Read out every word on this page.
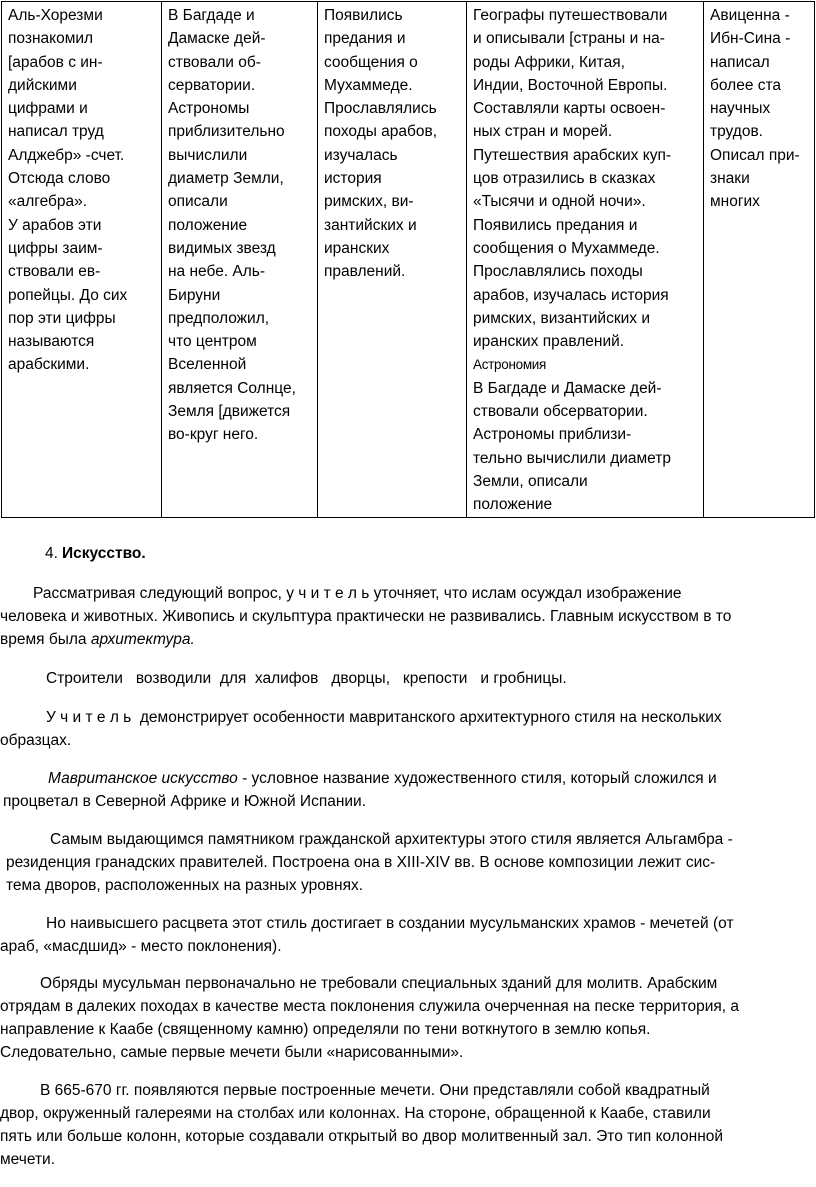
Аль-Хорезми
познакомил
[арабов с ин-
дийскими
цифрами и
написал труд
Алджебр» -счет.
Отсюда слово
«алгебра».
У арабов эти
цифры заим-
ствовали ев-
ропейцы. До сих
пор эти цифры
называются
арабскими.

В Багдаде и
Дамаске дей-
ствовали об-
серватории.
Астрономы
приблизительно
вычислили
диаметр Земли,
описали
положение
видимых звезд
на небе. Аль-
Бируни
предположил,
что центром
Вселенной
является Солнце,
Земля [движется
во-круг него.

Появились
предания и
сообщения о
Мухаммеде.
Прославлялись
походы арабов,
изучалась
история
римских, ви-
зантийских и
иранских
правлений.

Географы путешествовали
и описывали [страны и на-
роды Африки, Китая,
Индии, Восточной Европы.
Составляли карты освоен-
ных стран и морей.
Путешествия арабских куп-
цов отразились в сказках
«Тысячи и одной ночи».
Появились предания и
сообщения о Мухаммеде.
Прославлялись походы
арабов, изучалась история
римских, византийских и
иранских правлений.
Астрономия
В Багдаде и Дамаске дей-
ствовали обсерватории.
Астрономы приблизи-
тельно вычислили диаметр
Земли, описали
положение

Авиценна -
Ибн-Сина -
написал
более ста
научных
трудов.
Описал при-
знаки
многих
4. Искусство.
Рассматривая следующий вопрос, у ч и т е л ь уточняет, что ислам осуждал изображение
человека и животных. Живопись и скульптура практически не развивались. Главным искусством в то
время была архитектура.
Строители   возводили  для  халифов   дворцы,   крепости   и гробницы.
У ч и т е л ь  демонстрирует особенности мавританского архитектурного стиля на нескольких
образцах.
Мавританское искусство - условное название художественного стиля, который сложился и
процветал в Северной Африке и Южной Испании.
Самым выдающимся памятником гражданской архитектуры этого стиля является Альгамбра -
резиденция гранадских правителей. Построена она в XIII-XIV вв. В основе композиции лежит сис-
тема дворов, расположенных на разных уровнях.
Но наивысшего расцвета этот стиль достигает в создании мусульманских храмов - мечетей (от
араб, «масдшид» - место поклонения).
Обряды мусульман первоначально не требовали специальных зданий для молитв. Арабским
отрядам в далеких походах в качестве места поклонения служила очерченная на песке территория, а
направление к Каабе (священному камню) определяли по тени воткнутого в землю копья.
Следовательно, самые первые мечети были «нарисованными».
В 665-670 гг. появляются первые построенные мечети. Они представляли собой квадратный
двор, окруженный галереями на столбах или колоннах. На стороне, обращенной к Каабе, ставили
пять или больше колонн, которые создавали открытый во двор молитвенный зал. Это тип колонной
мечети.
